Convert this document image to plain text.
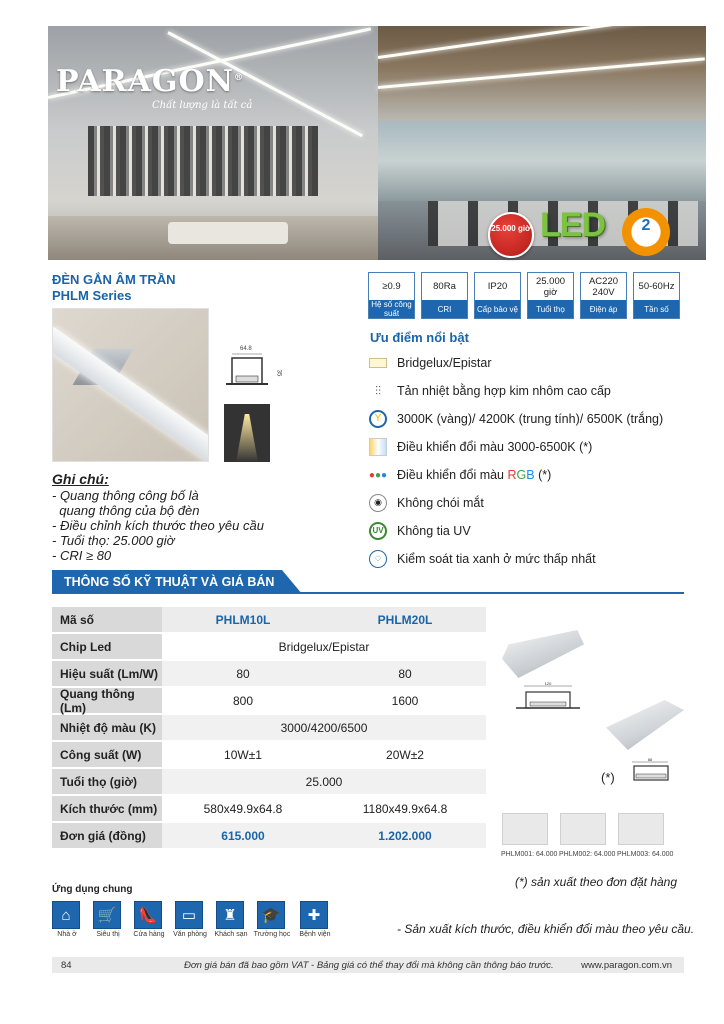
PARAGON®
Chất lượng là tất cả
25.000 giờ LED	2
ĐÈN GẮN ÂM TRẦN
PHLM Series
≥0.9
Hệ số công suất
80Ra
CRI
IP20
Cấp bảo vệ
25.000 giờ
Tuổi thọ
AC220 240V
Điện áp
50-60Hz
Tần số
64.8
35
Ưu điểm nổi bật
Bridgelux/Epistar
⫶⫶ Tản nhiệt bằng hợp kim nhôm cao cấp
Y	3000K (vàng)/ 4200K (trung tính)/ 6500K (trắng)
Điều khiển đổi màu 3000-6500K (*)
●●● Điều khiển đổi màu RGB (*)
◉	Không chói mắt
UV Không tia UV
◌	Kiểm soát tia xanh ở mức thấp nhất
Ghi chú:
- Quang thông công bố là
quang thông của bộ đèn
- Điều chỉnh kích thước theo yêu cầu
- Tuổi thọ: 25.000 giờ
- CRI ≥ 80
THÔNG SỐ KỸ THUẬT VÀ GIÁ BÁN
Mã số	PHLM10L	PHLM20L
Chip Led	Bridgelux/Epistar
Hiệu suất (Lm/W)	80	80
Quang thông (Lm)	800	1600
Nhiệt độ màu (K)	3000/4200/6500
Công suất (W)	10W±1	20W±2
Tuổi thọ (giờ)	25.000
Kích thước (mm)	580x49.9x64.8	1180x49.9x64.8
Đơn giá (đồng)	615.000	1.202.000
120
88
(*)
PHLM001: 64.000 PHLM002: 64.000 PHLM003: 64.000
(*) sản xuất theo đơn đặt hàng
Ứng dụng chung
⌂
Nhà ở
🛒
Siêu thị
👠
Cửa hàng
▭
Văn phòng
♜
Khách sạn
🎓
Trường học
✚
Bệnh viện	- Sản xuất kích thước, điều khiển đổi màu theo yêu cầu.
84	Đơn giá bán đã bao gồm VAT - Bảng giá có thể thay đổi mà không cần thông báo trước.	www.paragon.com.vn
